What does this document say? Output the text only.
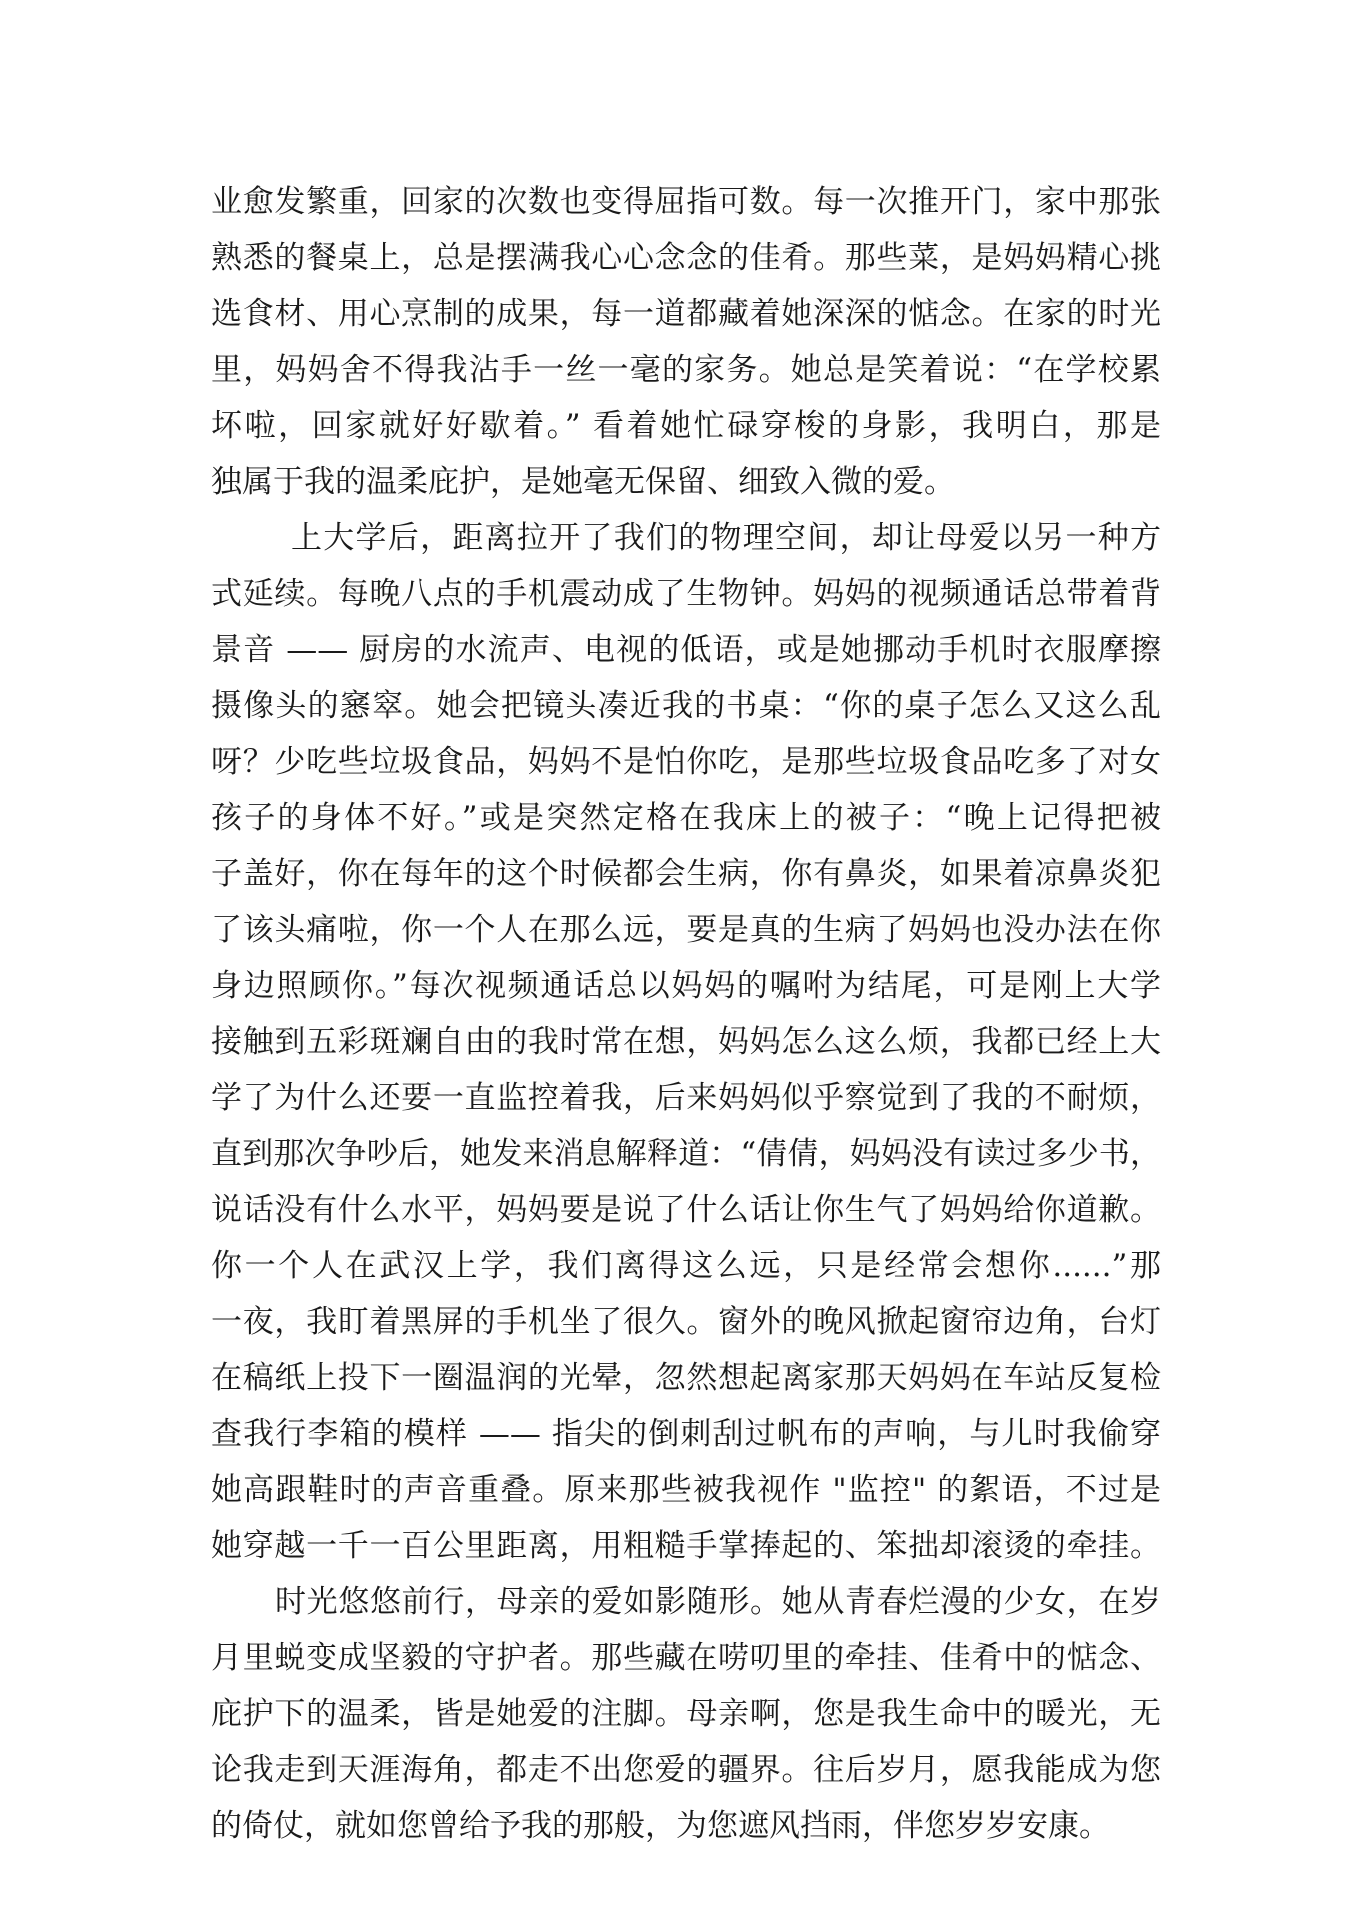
业愈发繁重，回家的次数也变得屈指可数。每一次推开门，家中那张
熟悉的餐桌上，总是摆满我心心念念的佳肴。那些菜，是妈妈精心挑
选食材、用心烹制的成果，每一道都藏着她深深的惦念。在家的时光
里，妈妈舍不得我沾手一丝一毫的家务。她总是笑着说：“在学校累
坏啦，回家就好好歇着。” 看着她忙碌穿梭的身影，我明白，那是
独属于我的温柔庇护，是她毫无保留、细致入微的爱。
上大学后，距离拉开了我们的物理空间，却让母爱以另一种方
式延续。每晚八点的手机震动成了生物钟。妈妈的视频通话总带着背
景音 —— 厨房的水流声、电视的低语，或是她挪动手机时衣服摩擦
摄像头的窸窣。她会把镜头凑近我的书桌：“你的桌子怎么又这么乱
呀？少吃些垃圾食品，妈妈不是怕你吃，是那些垃圾食品吃多了对女
孩子的身体不好。”或是突然定格在我床上的被子：“晚上记得把被
子盖好，你在每年的这个时候都会生病，你有鼻炎，如果着凉鼻炎犯
了该头痛啦，你一个人在那么远，要是真的生病了妈妈也没办法在你
身边照顾你。”每次视频通话总以妈妈的嘱咐为结尾，可是刚上大学
接触到五彩斑斓自由的我时常在想，妈妈怎么这么烦，我都已经上大
学了为什么还要一直监控着我，后来妈妈似乎察觉到了我的不耐烦，
直到那次争吵后，她发来消息解释道：“倩倩，妈妈没有读过多少书，
说话没有什么水平，妈妈要是说了什么话让你生气了妈妈给你道歉。
你一个人在武汉上学，我们离得这么远，只是经常会想你......”那
一夜，我盯着黑屏的手机坐了很久。窗外的晚风掀起窗帘边角，台灯
在稿纸上投下一圈温润的光晕，忽然想起离家那天妈妈在车站反复检
查我行李箱的模样 —— 指尖的倒刺刮过帆布的声响，与儿时我偷穿
她高跟鞋时的声音重叠。原来那些被我视作 "监控" 的絮语，不过是
她穿越一千一百公里距离，用粗糙手掌捧起的、笨拙却滚烫的牵挂。
时光悠悠前行，母亲的爱如影随形。她从青春烂漫的少女，在岁
月里蜕变成坚毅的守护者。那些藏在唠叨里的牵挂、佳肴中的惦念、
庇护下的温柔，皆是她爱的注脚。母亲啊，您是我生命中的暖光，无
论我走到天涯海角，都走不出您爱的疆界。往后岁月，愿我能成为您
的倚仗，就如您曾给予我的那般，为您遮风挡雨，伴您岁岁安康。
